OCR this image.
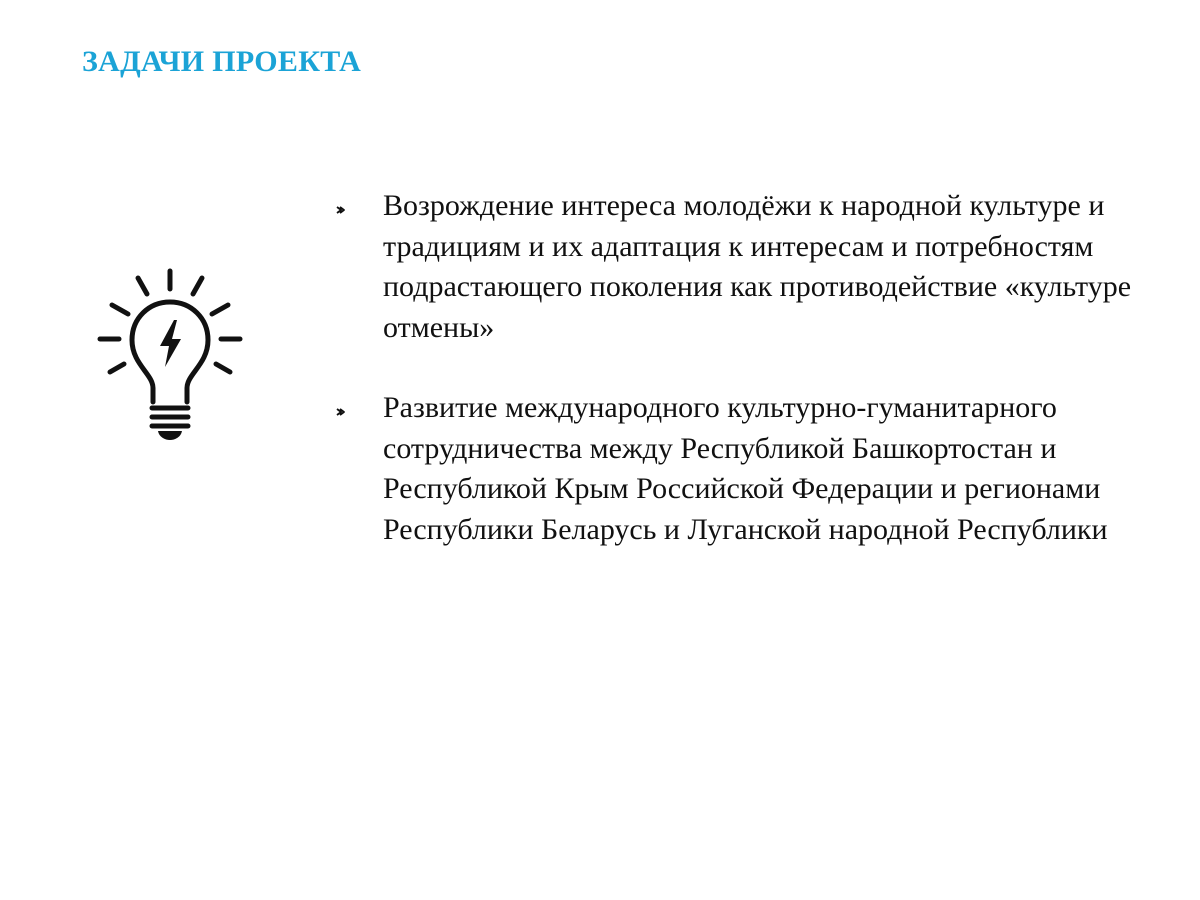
ЗАДАЧИ ПРОЕКТА
Возрождение интереса молодёжи к народной культуре и традициям и их адаптация к интересам и потребностям подрастающего поколения как противодействие «культуре отмены»
Развитие международного культурно-гуманитарного сотрудничества между Республикой Башкортостан и Республикой Крым Российской Федерации и регионами Республики Беларусь и Луганской народной Республики
